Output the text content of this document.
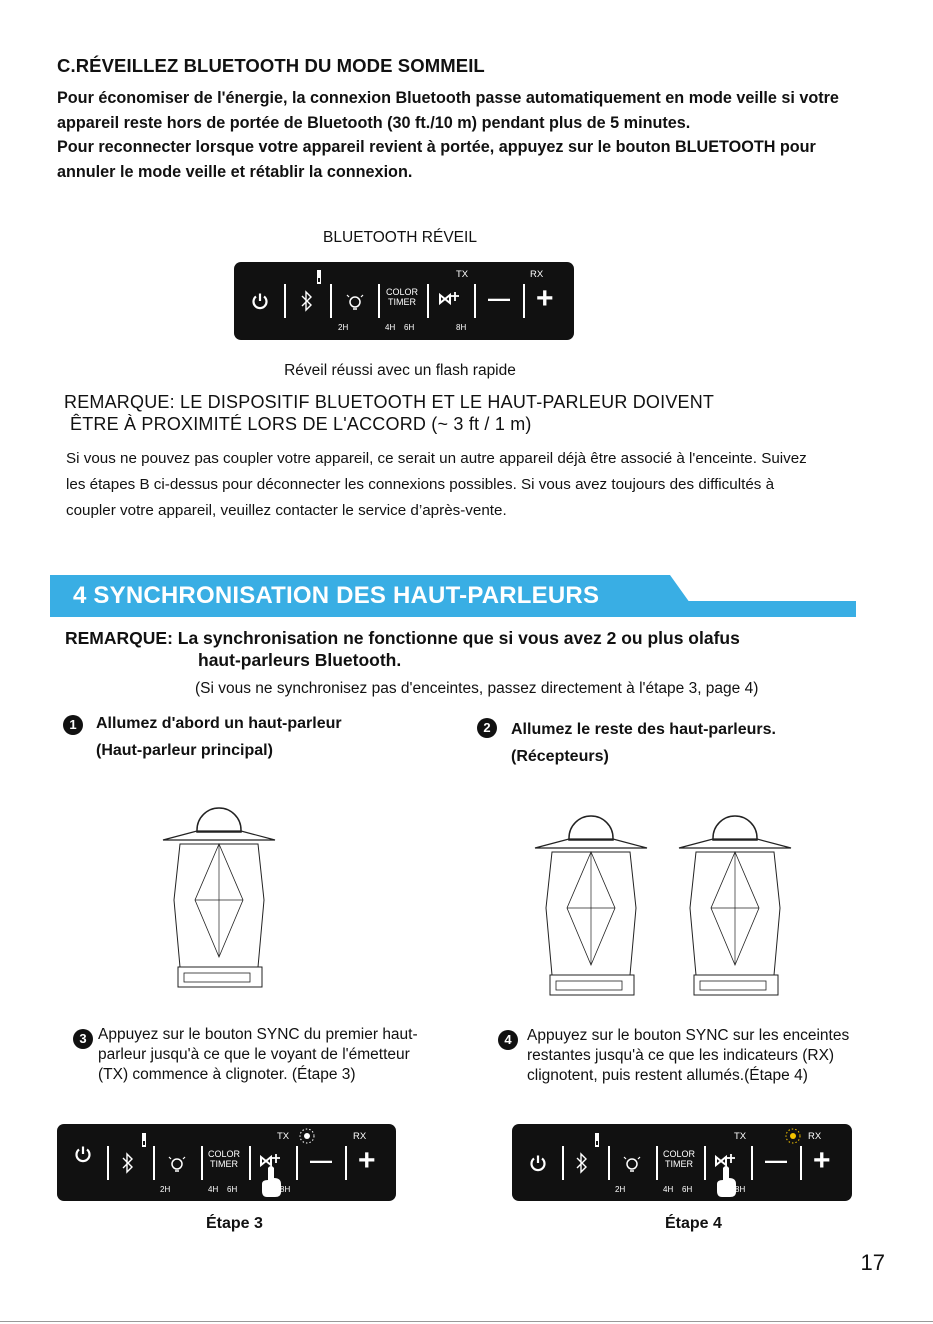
C.RÉVEILLEZ BLUETOOTH DU MODE SOMMEIL

Pour économiser de l'énergie, la connexion Bluetooth passe automatiquement en mode veille si votre appareil reste hors de portée de Bluetooth (30 ft./10 m) pendant plus de 5 minutes.

Pour reconnecter lorsque votre appareil revient à portée, appuyez sur le bouton BLUETOOTH pour annuler le mode veille et rétablir la connexion.

BLUETOOTH RÉVEIL
COLOR
TIMER	— +
TX	RX
2H	4H 6H	8H
Réveil réussi avec un flash rapide
REMARQUE: LE DISPOSITIF BLUETOOTH ET LE HAUT-PARLEUR DOIVENT
ÊTRE À PROXIMITÉ LORS DE L'ACCORD (~ 3 ft / 1 m)
Si vous ne pouvez pas coupler votre appareil, ce serait un autre appareil déjà être associé à l'enceinte. Suivez les étapes B ci-dessus pour déconnecter les connexions possibles. Si vous avez toujours des difficultés à coupler votre appareil, veuillez contacter le service d’après-vente.
4 SYNCHRONISATION DES HAUT-PARLEURS
REMARQUE: La synchronisation ne fonctionne que si vous avez 2 ou plus olafus
haut-parleurs Bluetooth.
(Si vous ne synchronisez pas d'enceintes, passez directement à l'étape 3, page 4)
1	Allumez d'abord un haut-parleur
(Haut-parleur principal)
2	Allumez le reste des haut-parleurs.
(Récepteurs)
3 Appuyez sur le bouton SYNC du premier haut-parleur jusqu'à ce que le voyant de l'émetteur (TX) commence à clignoter. (Étape 3)
4 Appuyez sur le bouton SYNC sur les enceintes restantes jusqu'à ce que les indicateurs (RX) clignotent, puis restent allumés.(Étape 4)
COLOR
TIMER	— +
TX	RX
2H	4H 6H	8H
COLOR
TIMER	— +
TX	RX
2H	4H 6H	8H
Étape 3	Étape 4
17
